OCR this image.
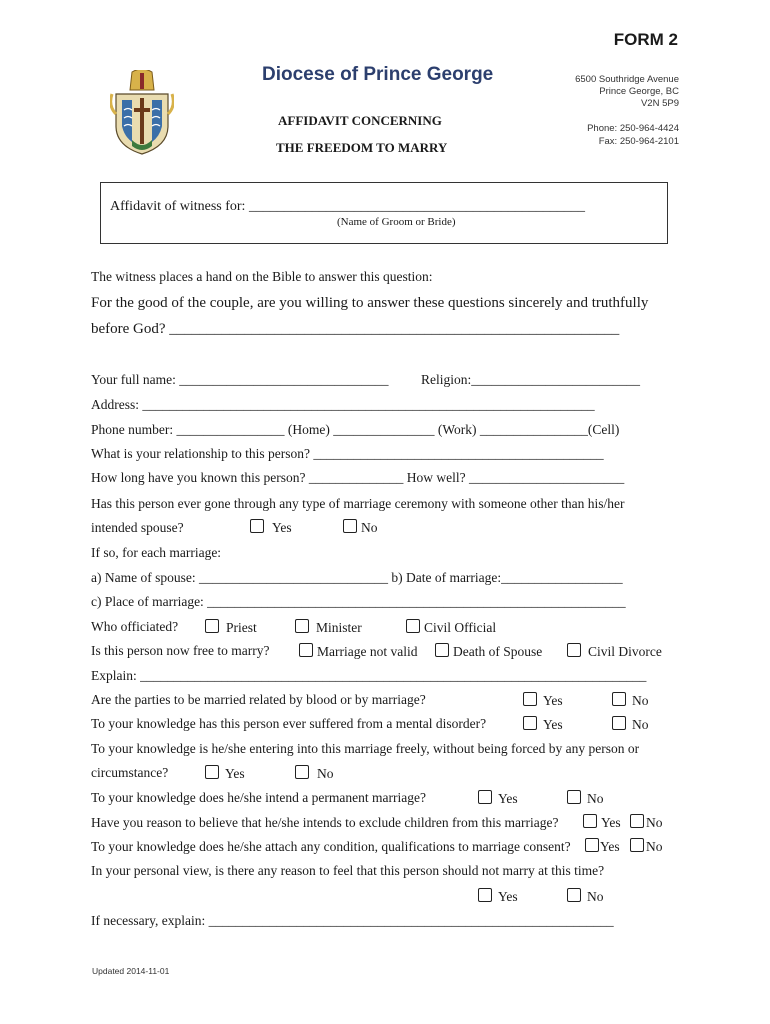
FORM 2
Diocese of Prince George	6500 Southridge Avenue
Prince George, BC
V2N 5P9
Phone: 250-964-4424
Fax: 250-964-2101
AFFIDAVIT CONCERNING
THE FREEDOM TO MARRY
Affidavit of witness for: ________________________________________________
(Name of Groom or Bride)
The witness places a hand on the Bible to answer this question:
For the good of the couple, are you willing to answer these questions sincerely and truthfully
before God? ____________________________________________________________
Your full name: _______________________________ Religion:_________________________
Address: ___________________________________________________________________
Phone number: ________________ (Home) _______________ (Work) ________________(Cell)
What is your relationship to this person? ___________________________________________
How long have you known this person? ______________ How well? _______________________
Has this person ever gone through any type of marriage ceremony with someone other than his/her
intended spouse?	Yes	No
If so, for each marriage:
a) Name of spouse: ____________________________ b) Date of marriage:__________________
c) Place of marriage: ______________________________________________________________
Who officiated?	Priest	Minister	Civil Official
Is this person now free to marry?	Marriage not valid	Death of Spouse	Civil Divorce
Explain: ___________________________________________________________________________
Are the parties to be married related by blood or by marriage?	Yes	No
To your knowledge has this person ever suffered from a mental disorder?	Yes	No
To your knowledge is he/she entering into this marriage freely, without being forced by any person or
circumstance?	Yes	No
To your knowledge does he/she intend a permanent marriage?	Yes	No
Have you reason to believe that he/she intends to exclude children from this marriage?	Yes	No
To your knowledge does he/she attach any condition, qualifications to marriage consent?	Yes	No
In your personal view, is there any reason to feel that this person should not marry at this time?
Yes	No
If necessary, explain: ____________________________________________________________
Updated 2014-11-01
